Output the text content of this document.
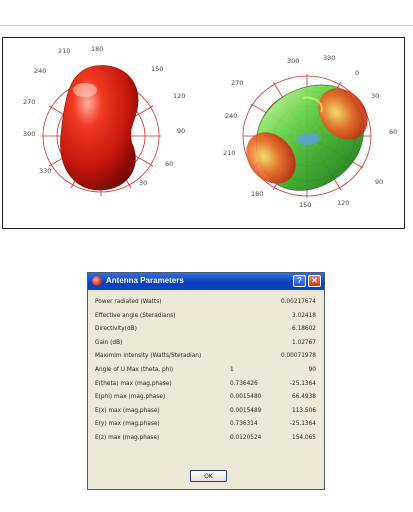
180
150
120
90
60
30
0
330
300
270
240
210
330
0
30
60
90
120
150
180
210
240
270
300
Antenna Parameters	?	✕
Power radiated (Watts)	0.00217674
Effective angle (Steradians)	3.02418
Directivity(dB)	6.18602
Gain (dB)	1.02767
Maximim intensity (Watts/Steradian)	0.00071978
Angle of U Max (theta, phi)	1	90
E(theta) max (mag,phase)	0.736426	-25.1364
E(phi) max (mag,phase)	0.0015480	66.4938
E(x) max (mag,phase)	0.0015489	113.506
E(y) max (mag,phase)	0.736314	-25.1364
E(z) max (mag,phase)	0.0120524	154.065
OK
